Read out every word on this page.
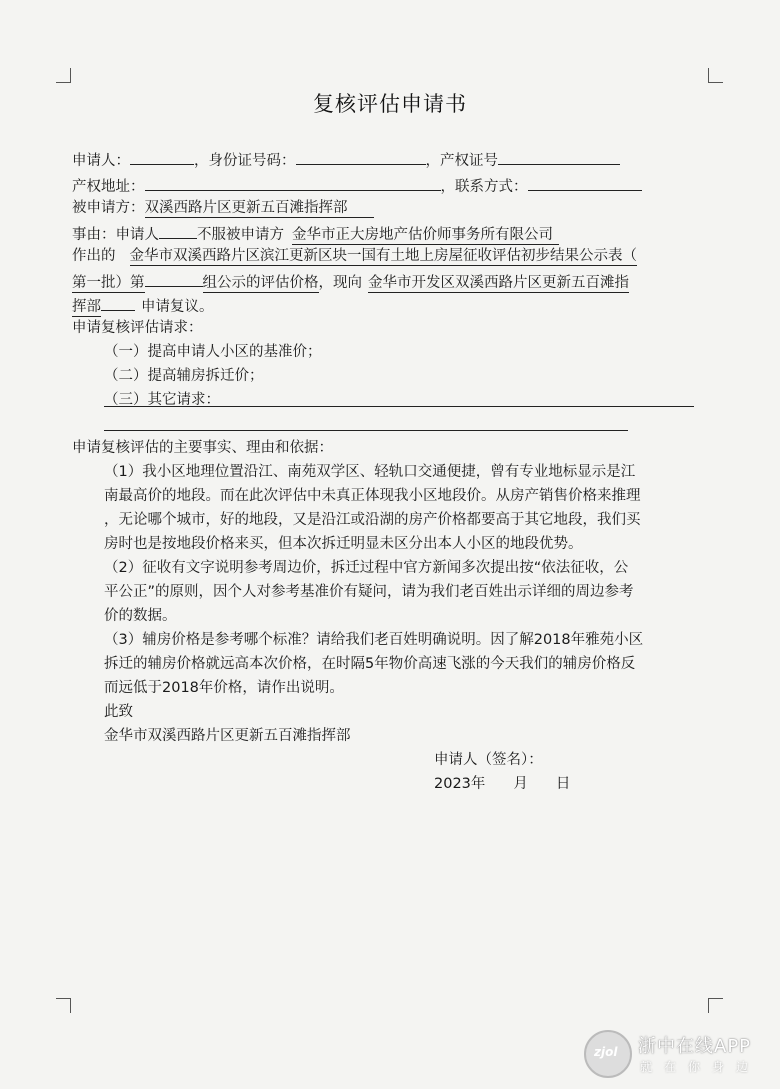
复核评估申请书
申请人：	，身份证号码：	，产权证号
产权地址：	，联系方式：
被申请方：双溪西路片区更新五百滩指挥部
事由：申请人	不服被申请方 金华市正大房地产估价师事务所有限公司
作出的 金华市双溪西路片区滨江更新区块一国有土地上房屋征收评估初步结果公示表（
第一批）第	组公示的评估价格，现向 金华市开发区双溪西路片区更新五百滩指
挥部	申请复议。
申请复核评估请求：
（一）提高申请人小区的基准价；
（二）提高辅房拆迁价；
（三）其它请求：
申请复核评估的主要事实、理由和依据：
（1）我小区地理位置沿江、南苑双学区、轻轨口交通便捷，曾有专业地标显示是江
南最高价的地段。而在此次评估中未真正体现我小区地段价。从房产销售价格来推理
，无论哪个城市，好的地段，又是沿江或沿湖的房产价格都要高于其它地段，我们买
房时也是按地段价格来买，但本次拆迁明显未区分出本人小区的地段优势。
（2）征收有文字说明参考周边价，拆迁过程中官方新闻多次提出按“依法征收，公
平公正”的原则，因个人对参考基准价有疑问，请为我们老百姓出示详细的周边参考
价的数据。
（3）辅房价格是参考哪个标准？请给我们老百姓明确说明。因了解2018年雅苑小区
拆迁的辅房价格就远高本次价格，在时隔5年物价高速飞涨的今天我们的辅房价格反
而远低于2018年价格，请作出说明。
此致
金华市双溪西路片区更新五百滩指挥部
申请人（签名）：
2023年 月 日
zjol 浙中在线APP
就在你身边
